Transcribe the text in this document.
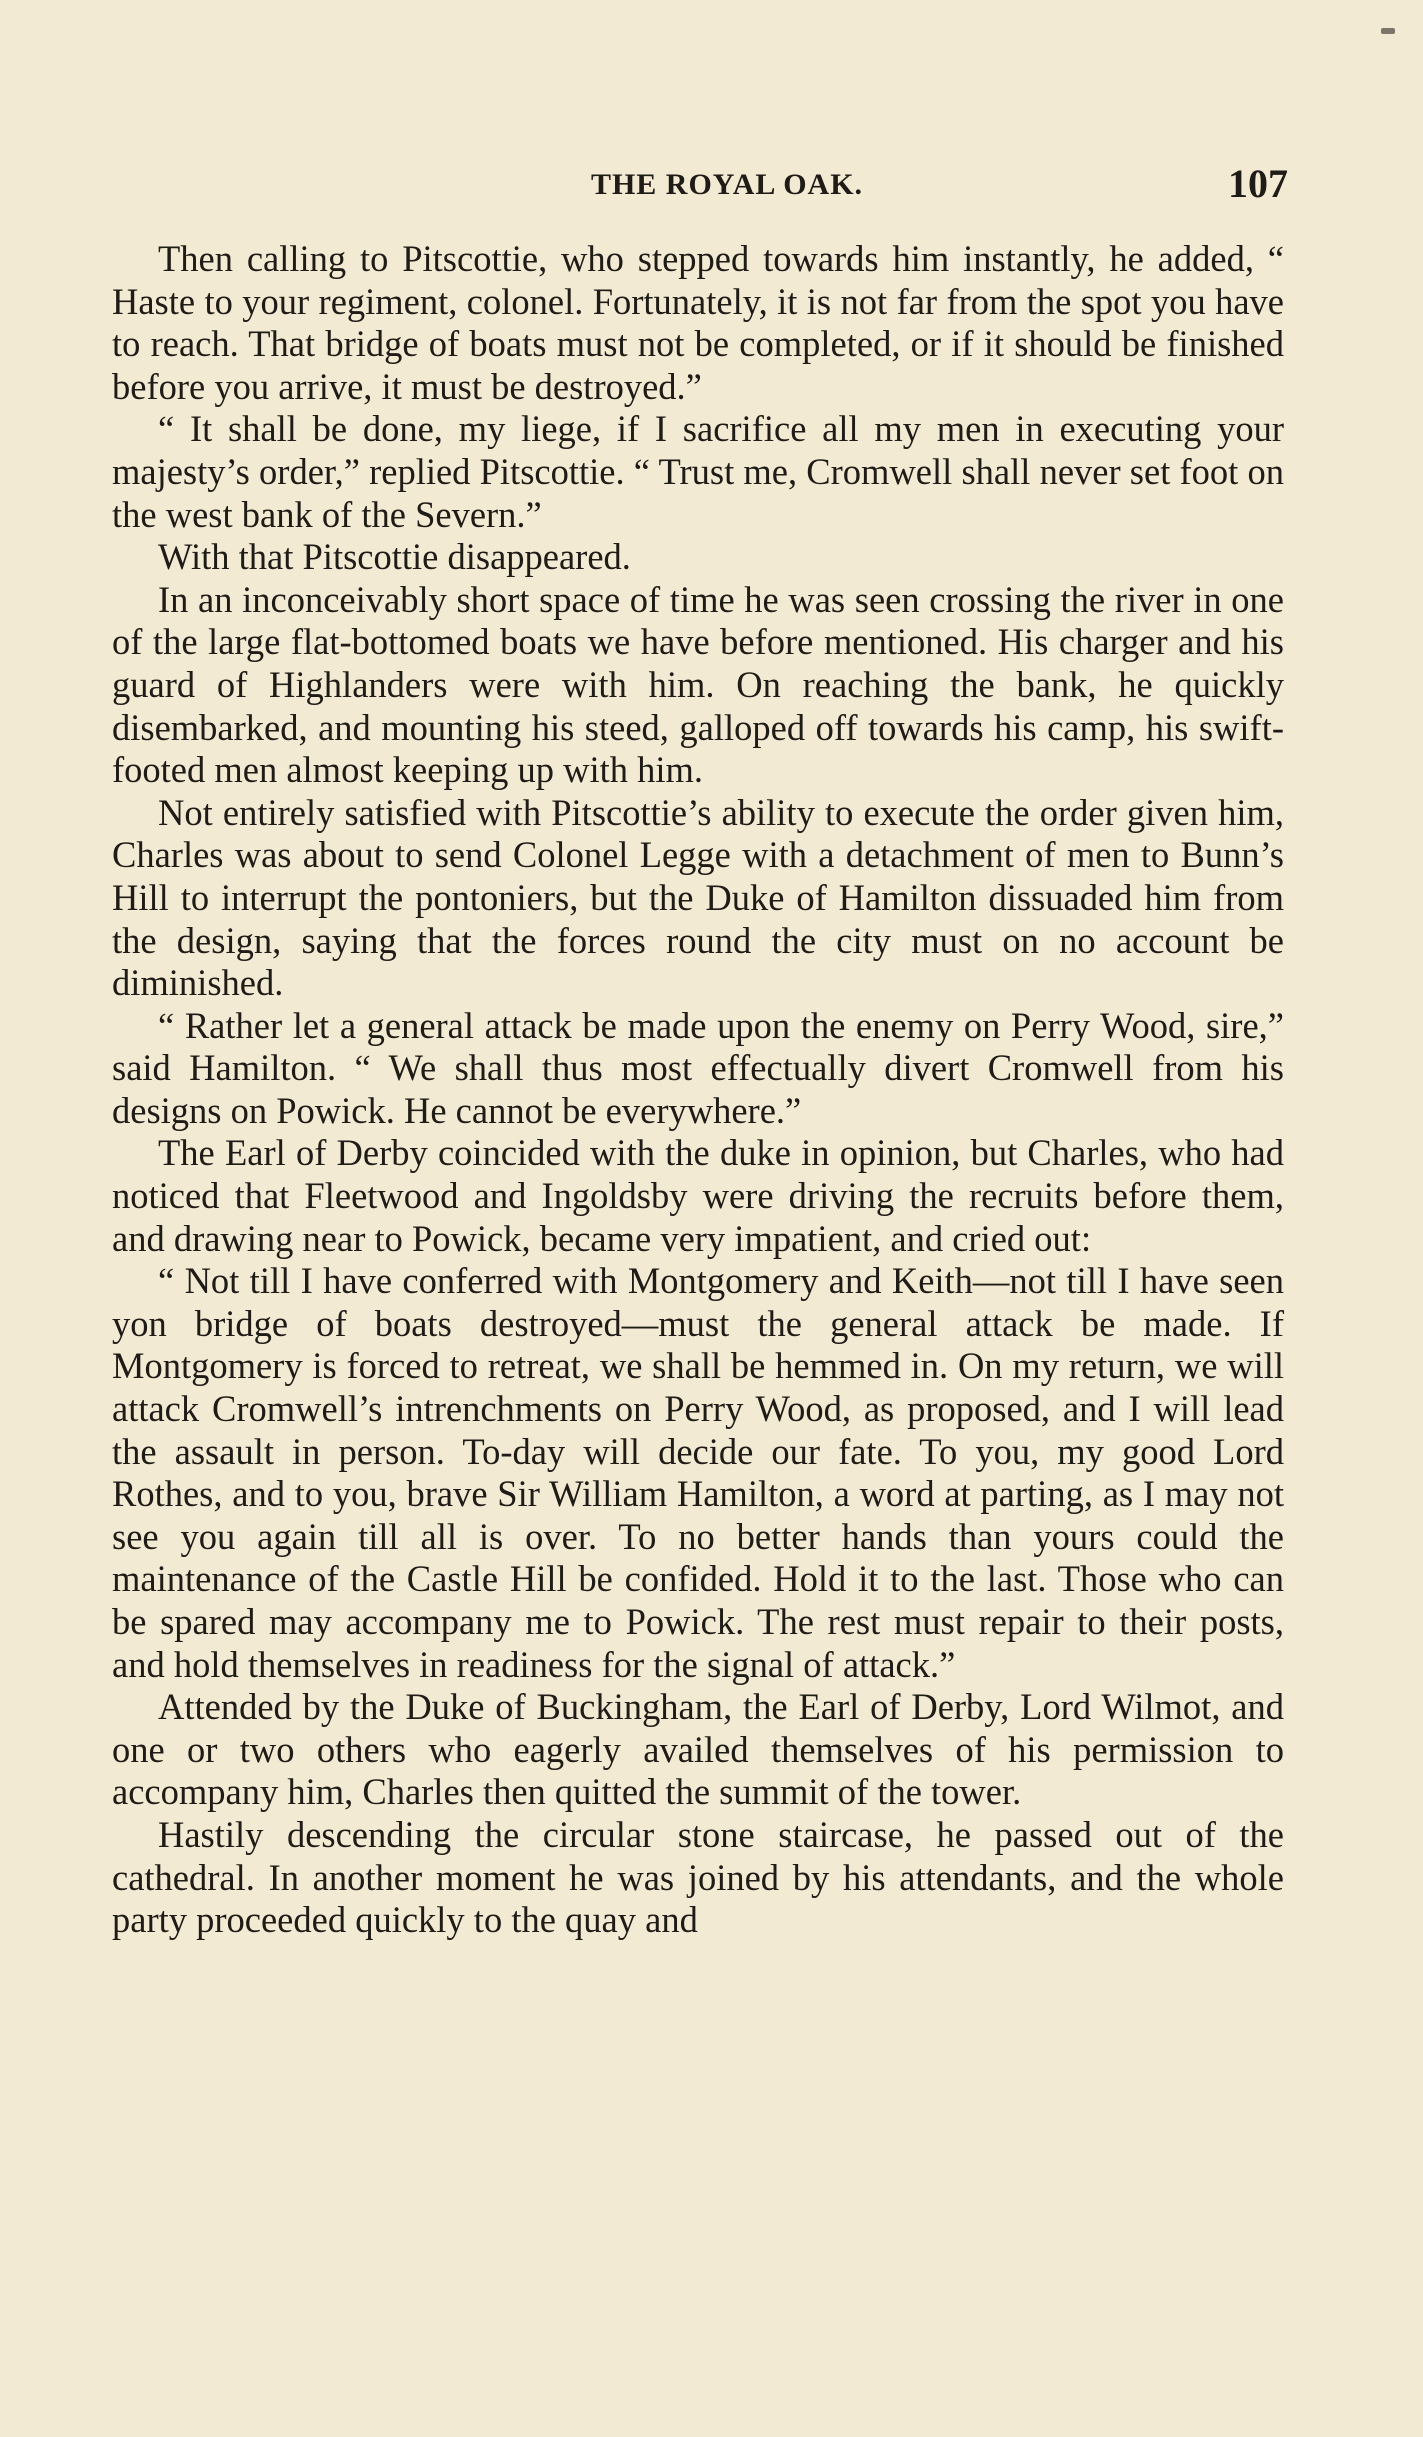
THE ROYAL OAK.	107

Then calling to Pitscottie, who stepped towards him instantly, he added, “ Haste to your regiment, colonel. Fortunately, it is not far from the spot you have to reach. That bridge of boats must not be completed, or if it should be finished before you arrive, it must be destroyed.”

“ It shall be done, my liege, if I sacrifice all my men in executing your majesty’s order,” replied Pitscottie. “ Trust me, Cromwell shall never set foot on the west bank of the Severn.”

With that Pitscottie disappeared.

In an inconceivably short space of time he was seen crossing the river in one of the large flat-bottomed boats we have before mentioned. His charger and his guard of Highlanders were with him. On reaching the bank, he quickly disembarked, and mounting his steed, galloped off towards his camp, his swift-footed men almost keeping up with him.

Not entirely satisfied with Pitscottie’s ability to execute the order given him, Charles was about to send Colonel Legge with a detachment of men to Bunn’s Hill to interrupt the pontoniers, but the Duke of Hamilton dissuaded him from the design, saying that the forces round the city must on no account be diminished.

“ Rather let a general attack be made upon the enemy on Perry Wood, sire,” said Hamilton. “ We shall thus most effectually divert Cromwell from his designs on Powick. He cannot be everywhere.”

The Earl of Derby coincided with the duke in opinion, but Charles, who had noticed that Fleetwood and Ingoldsby were driving the recruits before them, and drawing near to Powick, became very impatient, and cried out:

“ Not till I have conferred with Montgomery and Keith—not till I have seen yon bridge of boats destroyed—must the general attack be made. If Montgomery is forced to retreat, we shall be hemmed in. On my return, we will attack Cromwell’s intrenchments on Perry Wood, as proposed, and I will lead the assault in person. To-day will decide our fate. To you, my good Lord Rothes, and to you, brave Sir William Hamilton, a word at parting, as I may not see you again till all is over. To no better hands than yours could the maintenance of the Castle Hill be confided. Hold it to the last. Those who can be spared may accompany me to Powick. The rest must repair to their posts, and hold themselves in readiness for the signal of attack.”

Attended by the Duke of Buckingham, the Earl of Derby, Lord Wilmot, and one or two others who eagerly availed themselves of his permission to accompany him, Charles then quitted the summit of the tower.

Hastily descending the circular stone staircase, he passed out of the cathedral. In another moment he was joined by his attendants, and the whole party proceeded quickly to the quay and
